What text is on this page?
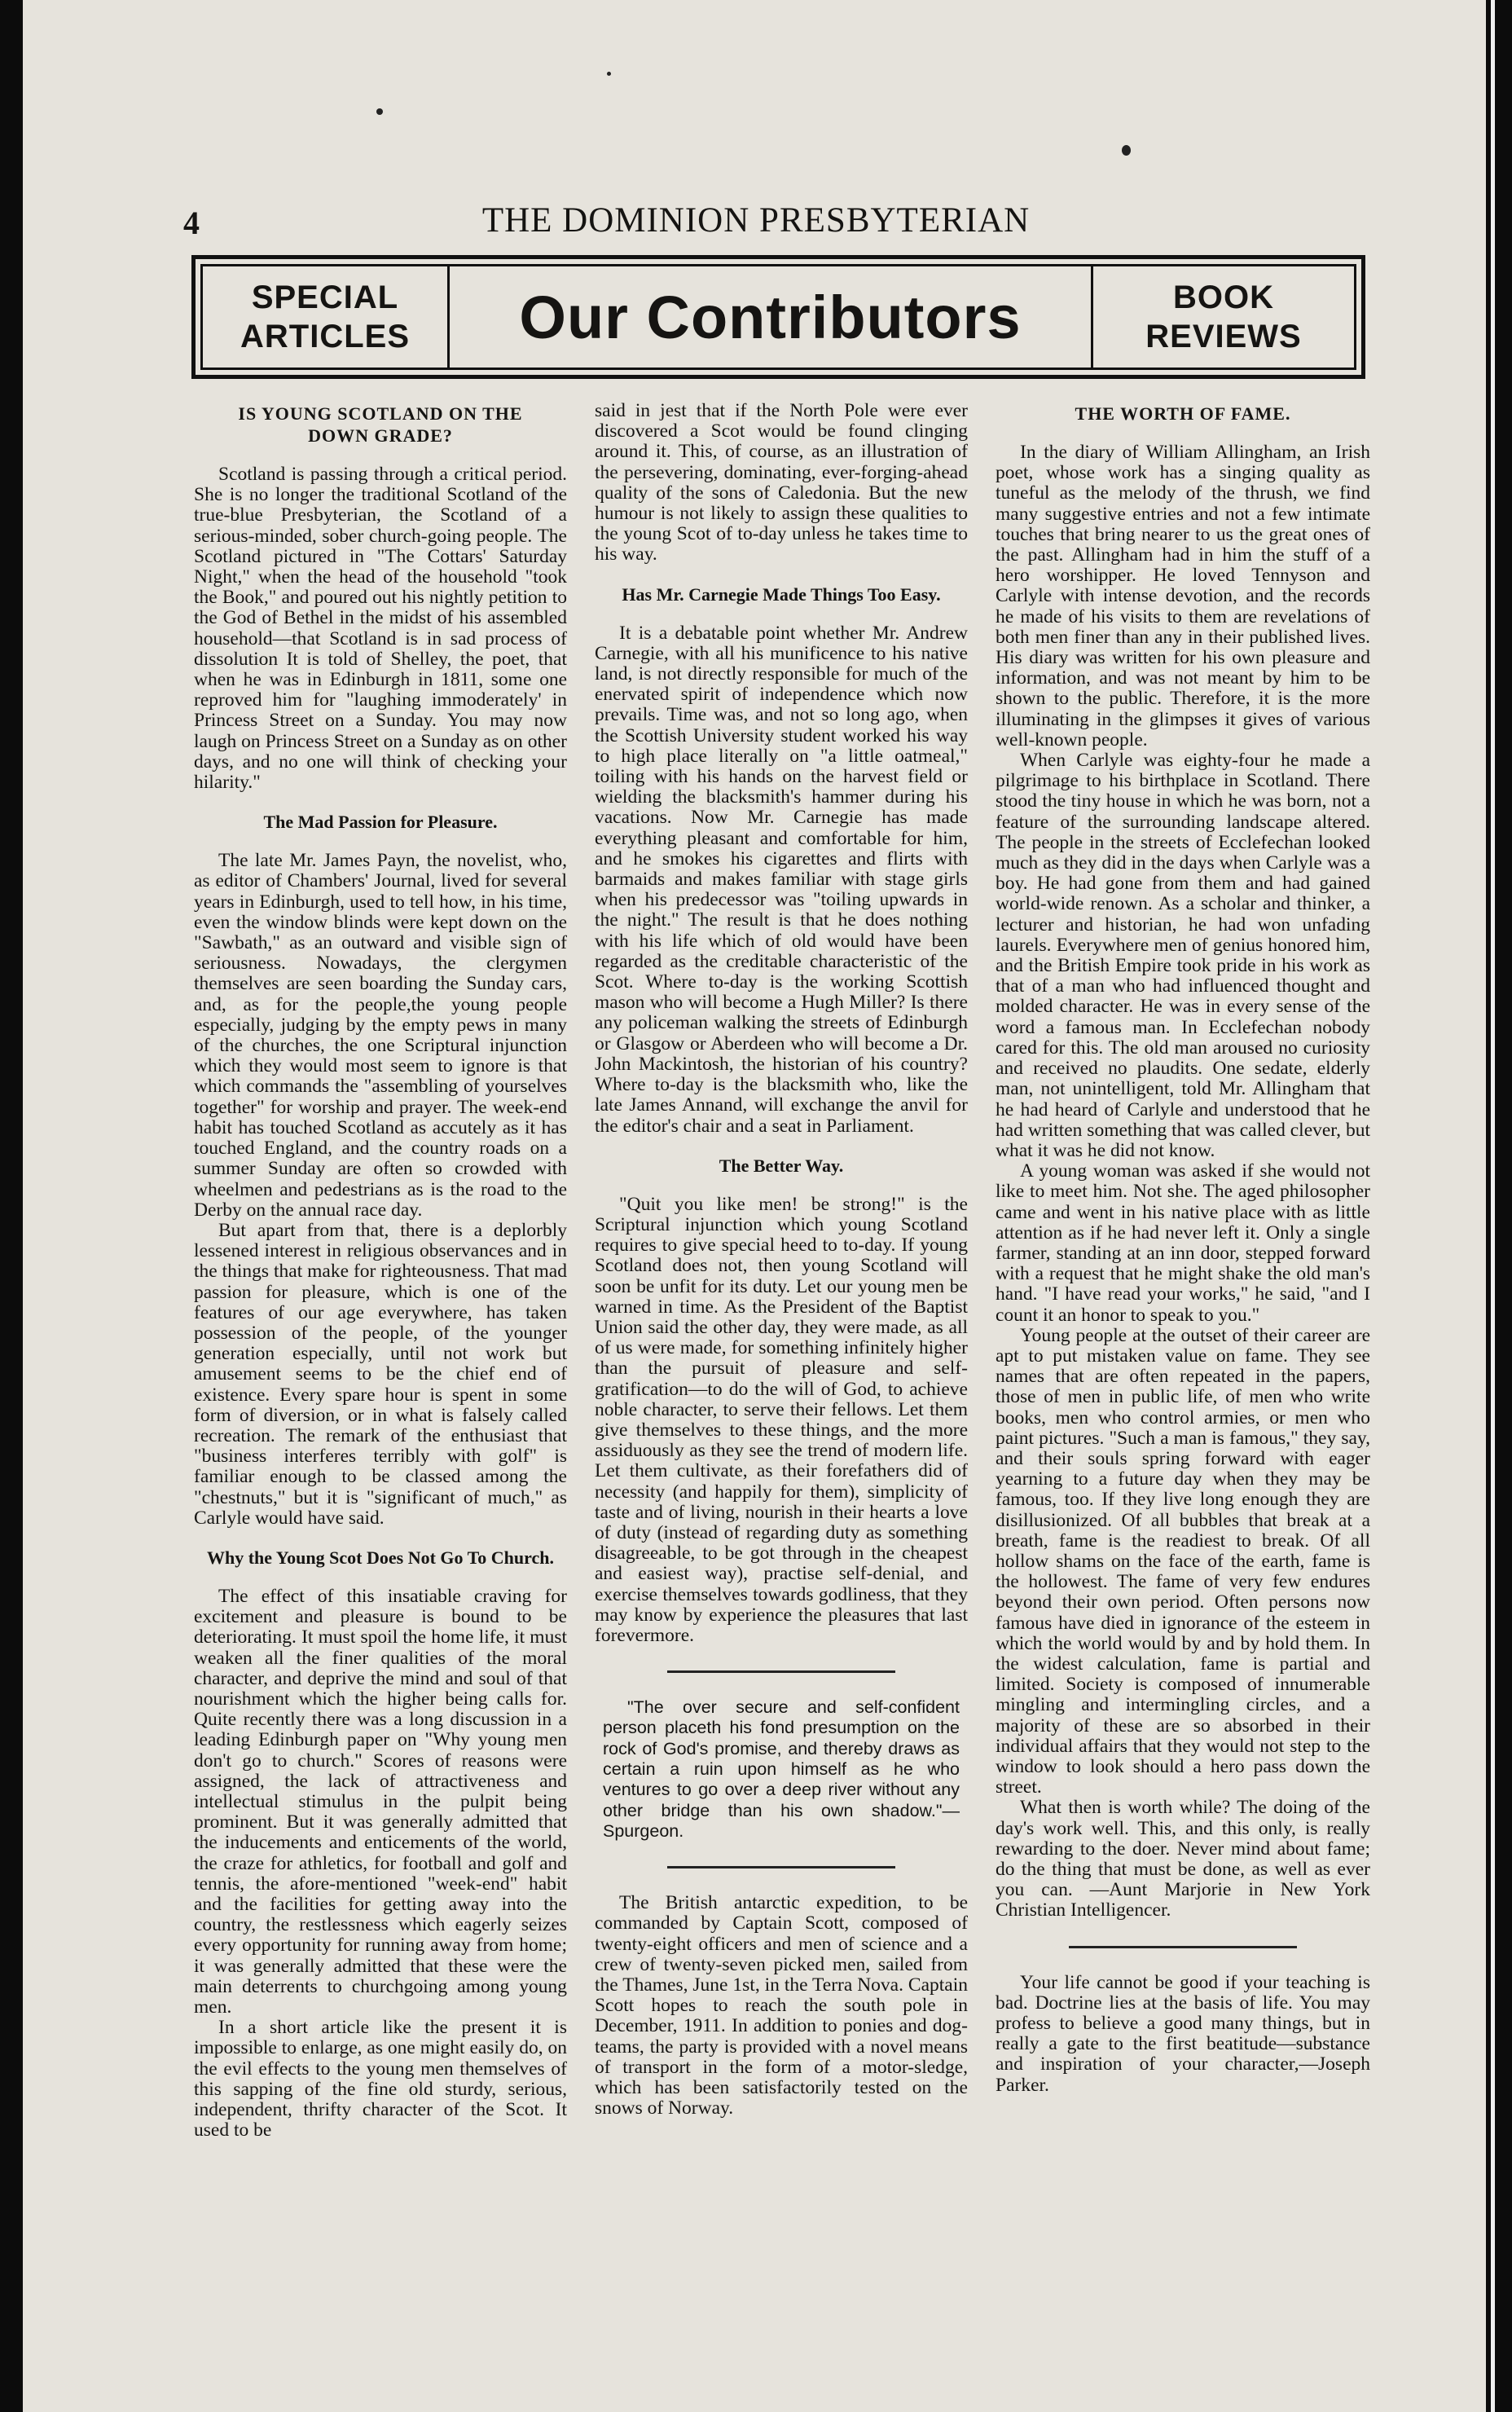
4	THE DOMINION PRESBYTERIAN
SPECIAL
ARTICLES Our Contributors	BOOK
REVIEWS
IS YOUNG SCOTLAND ON THE
DOWN GRADE?

Scotland is passing through a critical period. She is no longer the traditional Scotland of the true-blue Presbyterian, the Scotland of a serious-minded, sober church-going people. The Scotland pictured in "The Cottars' Saturday Night," when the head of the household "took the Book," and poured out his nightly petition to the God of Bethel in the midst of his assembled household—that Scotland is in sad process of dissolution It is told of Shelley, the poet, that when he was in Edinburgh in 1811, some one reproved him for "laughing immoderately' in Princess Street on a Sunday. You may now laugh on Princess Street on a Sunday as on other days, and no one will think of checking your hilarity."

The Mad Passion for Pleasure.

The late Mr. James Payn, the novelist, who, as editor of Chambers' Journal, lived for several years in Edinburgh, used to tell how, in his time, even the window blinds were kept down on the "Sawbath," as an outward and visible sign of seriousness. Nowadays, the clergymen themselves are seen boarding the Sunday cars, and, as for the people,the young people especially, judging by the empty pews in many of the churches, the one Scriptural injunction which they would most seem to ignore is that which commands the "assembling of yourselves together" for worship and prayer. The week-end habit has touched Scotland as accutely as it has touched England, and the country roads on a summer Sunday are often so crowded with wheelmen and pedestrians as is the road to the Derby on the annual race day.

But apart from that, there is a deplorbly lessened interest in religious observances and in the things that make for righteousness. That mad passion for pleasure, which is one of the features of our age everywhere, has taken possession of the people, of the younger generation especially, until not work but amusement seems to be the chief end of existence. Every spare hour is spent in some form of diversion, or in what is falsely called recreation. The remark of the enthusiast that "business interferes terribly with golf" is familiar enough to be classed among the "chestnuts," but it is "significant of much," as Carlyle would have said.

Why the Young Scot Does Not Go To Church.

The effect of this insatiable craving for excitement and pleasure is bound to be deteriorating. It must spoil the home life, it must weaken all the finer qualities of the moral character, and deprive the mind and soul of that nourishment which the higher being calls for. Quite recently there was a long discussion in a leading Edinburgh paper on "Why young men don't go to church." Scores of reasons were assigned, the lack of attractiveness and intellectual stimulus in the pulpit being prominent. But it was generally admitted that the inducements and enticements of the world, the craze for athletics, for football and golf and tennis, the afore-mentioned "week-end" habit and the facilities for getting away into the country, the restlessness which eagerly seizes every opportunity for running away from home; it was generally admitted that these were the main deterrents to churchgoing among young men.

In a short article like the present it is impossible to enlarge, as one might easily do, on the evil effects to the young men themselves of this sapping of the fine old sturdy, serious, independent, thrifty character of the Scot. It used to be

said in jest that if the North Pole were ever discovered a Scot would be found clinging around it. This, of course, as an illustration of the persevering, dominating, ever-forging-ahead quality of the sons of Caledonia. But the new humour is not likely to assign these qualities to the young Scot of to-day unless he takes time to his way.

Has Mr. Carnegie Made Things Too Easy.

It is a debatable point whether Mr. Andrew Carnegie, with all his munificence to his native land, is not directly responsible for much of the enervated spirit of independence which now prevails. Time was, and not so long ago, when the Scottish University student worked his way to high place literally on "a little oatmeal," toiling with his hands on the harvest field or wielding the blacksmith's hammer during his vacations. Now Mr. Carnegie has made everything pleasant and comfortable for him, and he smokes his cigarettes and flirts with barmaids and makes familiar with stage girls when his predecessor was "toiling upwards in the night." The result is that he does nothing with his life which of old would have been regarded as the creditable characteristic of the Scot. Where to-day is the working Scottish mason who will become a Hugh Miller? Is there any policeman walking the streets of Edinburgh or Glasgow or Aberdeen who will become a Dr. John Mackintosh, the historian of his country? Where to-day is the blacksmith who, like the late James Annand, will exchange the anvil for the editor's chair and a seat in Parliament.

The Better Way.

"Quit you like men! be strong!" is the Scriptural injunction which young Scotland requires to give special heed to to-day. If young Scotland does not, then young Scotland will soon be unfit for its duty. Let our young men be warned in time. As the President of the Baptist Union said the other day, they were made, as all of us were made, for something infinitely higher than the pursuit of pleasure and self-gratification—to do the will of God, to achieve noble character, to serve their fellows. Let them give themselves to these things, and the more assiduously as they see the trend of modern life. Let them cultivate, as their forefathers did of necessity (and happily for them), simplicity of taste and of living, nourish in their hearts a love of duty (instead of regarding duty as something disagreeable, to be got through in the cheapest and easiest way), practise self-denial, and exercise themselves towards godliness, that they may know by experience the pleasures that last forevermore.

"The over secure and self-confident person placeth his fond presumption on the rock of God's promise, and thereby draws as certain a ruin upon himself as he who ventures to go over a deep river without any other bridge than his own shadow."—Spurgeon.

The British antarctic expedition, to be commanded by Captain Scott, composed of twenty-eight officers and men of science and a crew of twenty-seven picked men, sailed from the Thames, June 1st, in the Terra Nova. Captain Scott hopes to reach the south pole in December, 1911. In addition to ponies and dog-teams, the party is provided with a novel means of transport in the form of a motor-sledge, which has been satisfactorily tested on the snows of Norway.

THE WORTH OF FAME.

In the diary of William Allingham, an Irish poet, whose work has a singing quality as tuneful as the melody of the thrush, we find many suggestive entries and not a few intimate touches that bring nearer to us the great ones of the past. Allingham had in him the stuff of a hero worshipper. He loved Tennyson and Carlyle with intense devotion, and the records he made of his visits to them are revelations of both men finer than any in their published lives. His diary was written for his own pleasure and information, and was not meant by him to be shown to the public. Therefore, it is the more illuminating in the glimpses it gives of various well-known people.

When Carlyle was eighty-four he made a pilgrimage to his birthplace in Scotland. There stood the tiny house in which he was born, not a feature of the surrounding landscape altered. The people in the streets of Ecclefechan looked much as they did in the days when Carlyle was a boy. He had gone from them and had gained world-wide renown. As a scholar and thinker, a lecturer and historian, he had won unfading laurels. Everywhere men of genius honored him, and the British Empire took pride in his work as that of a man who had influenced thought and molded character. He was in every sense of the word a famous man. In Ecclefechan nobody cared for this. The old man aroused no curiosity and received no plaudits. One sedate, elderly man, not unintelligent, told Mr. Allingham that he had heard of Carlyle and understood that he had written something that was called clever, but what it was he did not know.

A young woman was asked if she would not like to meet him. Not she. The aged philosopher came and went in his native place with as little attention as if he had never left it. Only a single farmer, standing at an inn door, stepped forward with a request that he might shake the old man's hand. "I have read your works," he said, "and I count it an honor to speak to you."

Young people at the outset of their career are apt to put mistaken value on fame. They see names that are often repeated in the papers, those of men in public life, of men who write books, men who control armies, or men who paint pictures. "Such a man is famous," they say, and their souls spring forward with eager yearning to a future day when they may be famous, too. If they live long enough they are disillusionized. Of all bubbles that break at a breath, fame is the readiest to break. Of all hollow shams on the face of the earth, fame is the hollowest. The fame of very few endures beyond their own period. Often persons now famous have died in ignorance of the esteem in which the world would by and by hold them. In the widest calculation, fame is partial and limited. Society is composed of innumerable mingling and intermingling circles, and a majority of these are so absorbed in their individual affairs that they would not step to the window to look should a hero pass down the street.

What then is worth while? The doing of the day's work well. This, and this only, is really rewarding to the doer. Never mind about fame; do the thing that must be done, as well as ever you can. —Aunt Marjorie in New York Christian Intelligencer.

Your life cannot be good if your teaching is bad. Doctrine lies at the basis of life. You may profess to believe a good many things, but in really a gate to the first beatitude—substance and inspiration of your character,—Joseph Parker.
